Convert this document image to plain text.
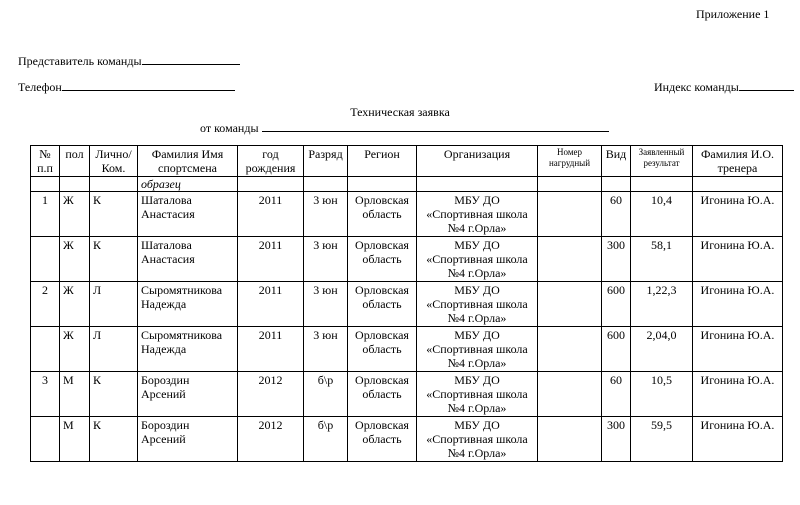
Приложение 1
Представитель команды
Телефон	Индекс команды
Техническая заявка
от команды
№ п.п	пол	Лично/ Ком.	Фамилия Имя спортсмена	год рождения	Разряд	Регион	Организация	Номер нагрудный	Вид	Заявленный результат	Фамилия И.О. тренера
			образец								
1	Ж	К	Шаталова Анастасия	2011	3 юн	Орловская область	МБУ ДО «Спортивная школа №4 г.Орла»		60	10,4	Игонина Ю.А.
	Ж	К	Шаталова Анастасия	2011	3 юн	Орловская область	МБУ ДО «Спортивная школа №4 г.Орла»		300	58,1	Игонина Ю.А.
2	Ж	Л	Сыромятникова Надежда	2011	3 юн	Орловская область	МБУ ДО «Спортивная школа №4 г.Орла»		600	1,22,3	Игонина Ю.А.
	Ж	Л	Сыромятникова Надежда	2011	3 юн	Орловская область	МБУ ДО «Спортивная школа №4 г.Орла»		600	2,04,0	Игонина Ю.А.
3	М	К	Бороздин Арсений	2012	б\р	Орловская область	МБУ ДО «Спортивная школа №4 г.Орла»		60	10,5	Игонина Ю.А.
	М	К	Бороздин Арсений	2012	б\р	Орловская область	МБУ ДО «Спортивная школа №4 г.Орла»		300	59,5	Игонина Ю.А.
